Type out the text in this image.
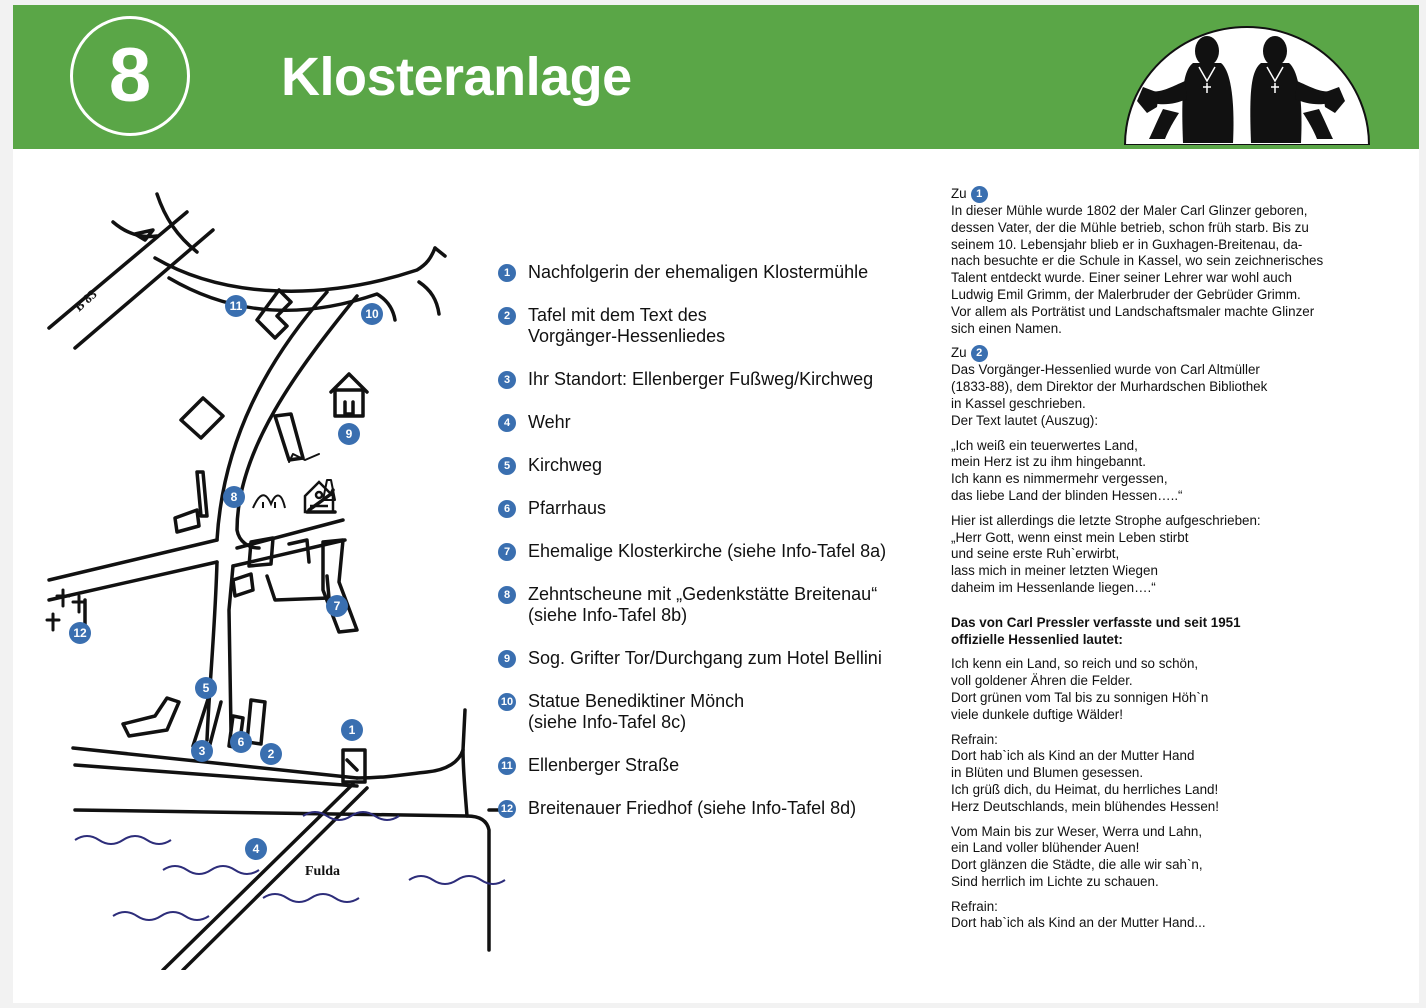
8	Klosteranlage
B 83
Fulda
1
2
3
4
5
6
7
8
9
10
11
12
1 Nachfolgerin der ehemaligen Klostermühle
2 Tafel mit dem Text des
Vorgänger-Hessenliedes
3 Ihr Standort: Ellenberger Fußweg/Kirchweg
4 Wehr
5 Kirchweg
6 Pfarrhaus
7 Ehemalige Klosterkirche (siehe Info-Tafel 8a)
8 Zehntscheune mit „Gedenkstätte Breitenau“
(siehe Info-Tafel 8b)
9 Sog. Grifter Tor/Durchgang zum Hotel Bellini
10 Statue Benediktiner Mönch
(siehe Info-Tafel 8c)
11 Ellenberger Straße
12 Breitenauer Friedhof (siehe Info-Tafel 8d)
Zu 1

In dieser Mühle wurde 1802 der Maler Carl Glinzer geboren,

dessen Vater, der die Mühle betrieb, schon früh starb. Bis zu

seinem 10. Lebensjahr blieb er in Guxhagen-Breitenau, da-

nach besuchte er die Schule in Kassel, wo sein zeichnerisches

Talent entdeckt wurde. Einer seiner Lehrer war wohl auch

Ludwig Emil Grimm, der Malerbruder der Gebrüder Grimm.

Vor allem als Porträtist und Landschaftsmaler machte Glinzer

sich einen Namen.

Zu 2

Das Vorgänger-Hessenlied wurde von Carl Altmüller

(1833-88), dem Direktor der Murhardschen Bibliothek

in Kassel geschrieben.

Der Text lautet (Auszug):

„Ich weiß ein teuerwertes Land,

mein Herz ist zu ihm hingebannt.

Ich kann es nimmermehr vergessen,

das liebe Land der blinden Hessen…..“

Hier ist allerdings die letzte Strophe aufgeschrieben:

„Herr Gott, wenn einst mein Leben stirbt

und seine erste Ruh`erwirbt,

lass mich in meiner letzten Wiegen

daheim im Hessenlande liegen….“

Das von Carl Pressler verfasste und seit 1951

offizielle Hessenlied lautet:

Ich kenn ein Land, so reich und so schön,

voll goldener Ähren die Felder.

Dort grünen vom Tal bis zu sonnigen Höh`n

viele dunkele duftige Wälder!

Refrain:

Dort hab`ich als Kind an der Mutter Hand

in Blüten und Blumen gesessen.

Ich grüß dich, du Heimat, du herrliches Land!

Herz Deutschlands, mein blühendes Hessen!

Vom Main bis zur Weser, Werra und Lahn,

ein Land voller blühender Auen!

Dort glänzen die Städte, die alle wir sah`n,

Sind herrlich im Lichte zu schauen.

Refrain:

Dort hab`ich als Kind an der Mutter Hand...
